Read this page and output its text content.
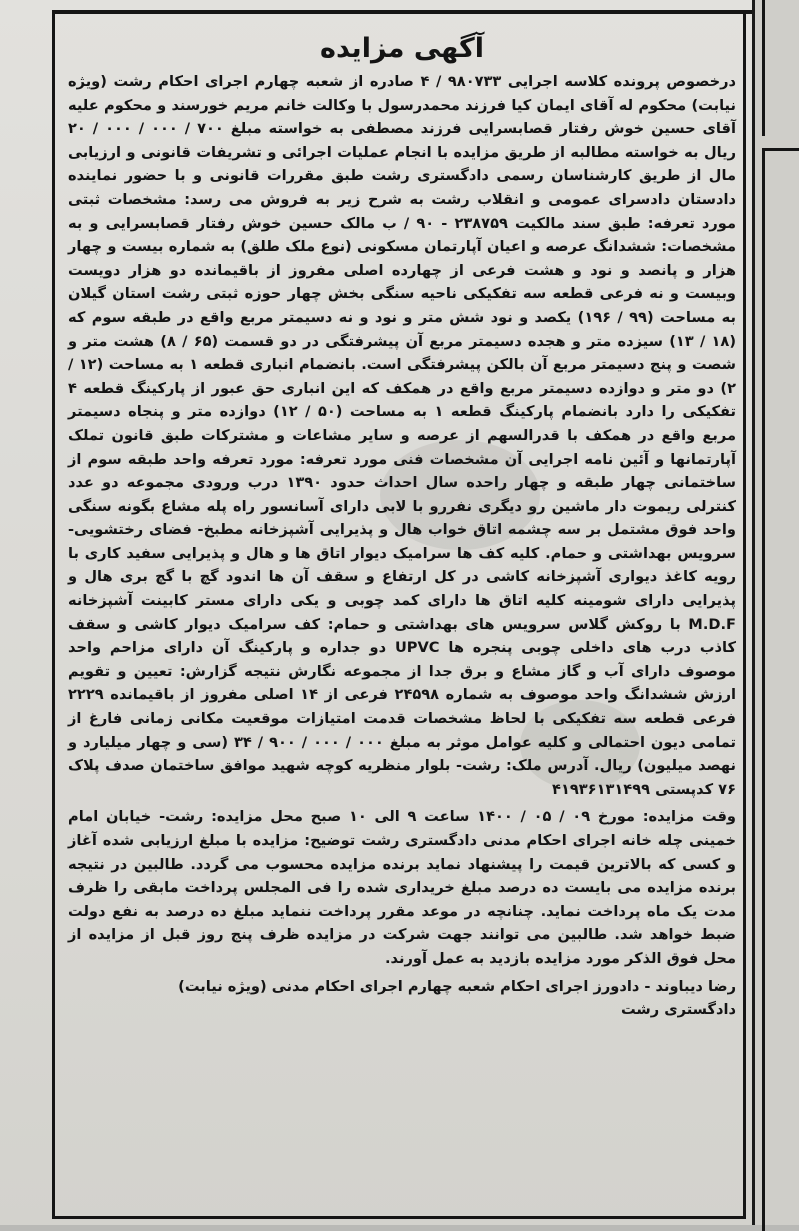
آگهی مزایده

درخصوص پرونده کلاسه اجرایی ۹۸۰۷۳۳ / ۴ صادره از شعبه چهارم اجرای احکام رشت (ویژه نیابت) محکوم له آقای ایمان کیا فرزند محمدرسول با وکالت خانم مریم خورسند و محکوم علیه آقای حسین خوش رفتار قصابسرایی فرزند مصطفی به خواسته مبلغ ۷۰۰ / ۰۰۰ / ۰۰۰ / ۲۰ ریال به خواسته مطالبه از طریق مزایده با انجام عملیات اجرائی و تشریفات قانونی و ارزیابی مال از طریق کارشناسان رسمی دادگستری رشت طبق مقررات قانونی و با حضور نماینده دادستان دادسرای عمومی و انقلاب رشت به شرح زیر به فروش می رسد: مشخصات ثبتی مورد تعرفه: طبق سند مالکیت ۲۳۸۷۵۹ - ۹۰ / ب مالک حسین خوش رفتار قصابسرایی و به مشخصات: ششدانگ عرصه و اعیان آپارتمان مسکونی (نوع ملک طلق) به شماره بیست و چهار هزار و پانصد و نود و هشت فرعی از چهارده اصلی مفروز از باقیمانده دو هزار دویست وبیست و نه فرعی قطعه سه تفکیکی ناحیه سنگی بخش چهار حوزه ثبتی رشت استان گیلان به مساحت (۹۹ / ۱۹۶) یکصد و نود شش متر و نود و نه دسیمتر مربع واقع در طبقه سوم که (۱۸ / ۱۳) سیزده متر و هجده دسیمتر مربع آن پیشرفتگی در دو قسمت (۶۵ / ۸) هشت متر و شصت و پنج دسیمتر مربع آن بالکن پیشرفتگی است. بانضمام انباری قطعه ۱ به مساحت (۱۲ / ۲) دو متر و دوازده دسیمتر مربع واقع در همکف که این انباری حق عبور از پارکینگ قطعه ۴ تفکیکی را دارد بانضمام پارکینگ قطعه ۱ به مساحت (۵۰ / ۱۲) دوازده متر و پنجاه دسیمتر مربع واقع در همکف با قدرالسهم از عرصه و سایر مشاعات و مشترکات طبق قانون تملک آپارتمانها و آئین نامه اجرایی آن مشخصات فنی مورد تعرفه: مورد تعرفه واحد طبقه سوم از ساختمانی چهار طبقه و چهار راحده سال احداث حدود ۱۳۹۰ درب ورودی مجموعه دو عدد کنترلی ریموت دار ماشین رو دیگری نفررو با لابی دارای آسانسور راه پله مشاع بگونه سنگی واحد فوق مشتمل بر سه چشمه اتاق خواب هال و پذیرایی آشپزخانه مطبخ- فضای رختشویی- سرویس بهداشتی و حمام. کلیه کف ها سرامیک دیوار اتاق ها و هال و پذیرایی سفید کاری با رویه کاغذ دیواری آشپزخانه کاشی در کل ارتفاع و سقف آن ها اندود گچ با گچ بری هال و پذیرایی دارای شومینه کلیه اتاق ها دارای کمد چوبی و یکی دارای مستر کابینت آشپزخانه M.D.F با روکش گلاس سرویس های بهداشتی و حمام: کف سرامیک دیوار کاشی و سقف کاذب درب های داخلی چوبی پنجره ها UPVC دو جداره و پارکینگ آن دارای مزاحم واحد موصوف دارای آب و گاز مشاع و برق جدا از مجموعه نگارش نتیجه گزارش: تعیین و تقویم ارزش ششدانگ واحد موصوف به شماره ۲۴۵۹۸ فرعی از ۱۴ اصلی مفروز از باقیمانده ۲۲۲۹ فرعی قطعه سه تفکیکی با لحاظ مشخصات قدمت امتیازات موقعیت مکانی زمانی فارغ از تمامی دیون احتمالی و کلیه عوامل موثر به مبلغ ۰۰۰ / ۰۰۰ / ۹۰۰ / ۳۴ (سی و چهار میلیارد و نهصد میلیون) ریال. آدرس ملک: رشت- بلوار منظریه کوچه شهید موافق ساختمان صدف پلاک ۷۶ کدپستی ۴۱۹۳۶۱۳۱۴۹۹

وقت مزایده: مورخ ۰۹ / ۰۵ / ۱۴۰۰ ساعت ۹ الی ۱۰ صبح محل مزایده: رشت- خیابان امام خمینی چله خانه اجرای احکام مدنی دادگستری رشت توضیح: مزایده با مبلغ ارزیابی شده آغاز و کسی که بالاترین قیمت را پیشنهاد نماید برنده مزایده محسوب می گردد. طالبین در نتیجه برنده مزایده می بایست ده درصد مبلغ خریداری شده را فی المجلس پرداخت مابقی را ظرف مدت یک ماه پرداخت نماید. چنانچه در موعد مقرر پرداخت ننماید مبلغ ده درصد به نفع دولت ضبط خواهد شد. طالبین می توانند جهت شرکت در مزایده ظرف پنج روز قبل از مزایده از محل فوق الذکر مورد مزایده بازدید به عمل آورند.

رضا دیباوند - دادورز اجرای احکام شعبه چهارم اجرای احکام مدنی (ویژه نیابت) دادگستری رشت
